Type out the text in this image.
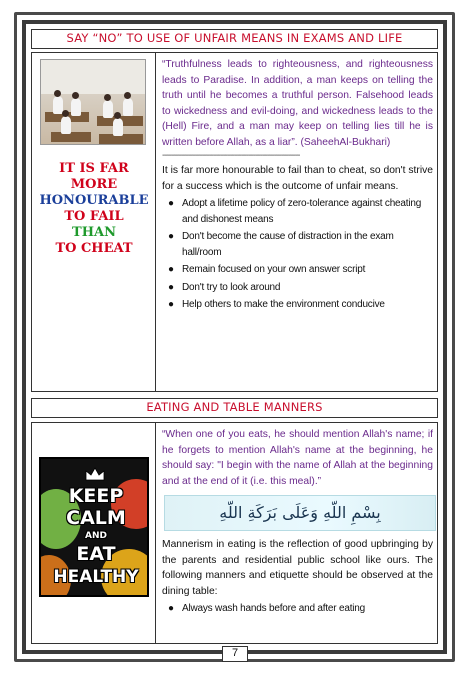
SAY “NO” TO USE OF UNFAIR MEANS IN EXAMS AND LIFE
IT IS FAR
MORE
HONOURABLE
TO FAIL
THAN
TO CHEAT

“Truthfulness leads to righteousness, and righteousness leads to Paradise. In addition, a man keeps on telling the truth until he becomes a truthful person. Falsehood leads to wickedness and evil-doing, and wickedness leads to the (Hell) Fire, and a man may keep on telling lies till he is written before Allah, as a liar”. (SaheehAl-Bukhari)

-----------------------------------------------------------

It is far more honourable to fail than to cheat, so don't strive for a success which is the outcome of unfair means.

● Adopt a lifetime policy of zero-tolerance against cheating and dishonest means
● Don't become the cause of distraction in the exam hall/room
● Remain focused on your own answer script
● Don't try to look around
● Help others to make the environment conducive
EATING AND TABLE MANNERS
KEEP
CALM
AND
EAT
HEALTHY

“When one of you eats, he should mention Allah's name; if he forgets to mention Allah's name at the beginning, he should say: "I begin with the name of Allah at the beginning and at the end of it (i.e. this meal).”

بِسْمِ اللّهِ وَعَلَى بَرَكَةِ اللّهِ

Mannerism in eating is the reflection of good upbringing by the parents and residential public school like ours. The following manners and etiquette should be observed at the dining table:

● Always wash hands before and after eating
7
